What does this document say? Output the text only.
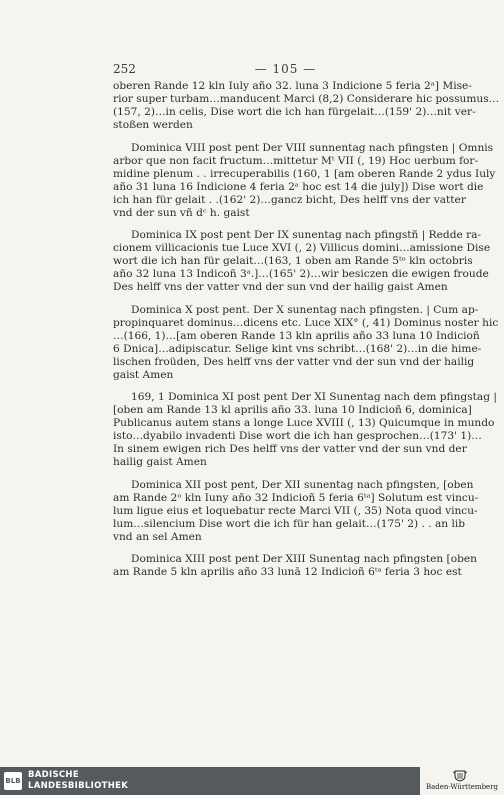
252	— 105 —

oberen Rande 12 kln Iuly año 32. luna 3 Indicione 5 feria 2ᵃ] Mise-
rior super turbam…manducent Marci (8,2) Considerare hic possumus…
(157, 2)…in celis, Dise wort die ich han fürgelait…(159' 2)…nit ver-
stoßen werden

Dominica VIII post pent Der VIII sunnentag nach pfingsten | Omnis
arbor que non facit fructum…mittetur Mᵗ VII (, 19) Hoc uerbum for-
midine plenum . . irrecuperabilis (160, 1 [am oberen Rande 2 ydus Iuly
año 31 luna 16 Indicione 4 feria 2ᵃ hoc est 14 die july]) Dise wort die
ich han für gelait . .(162' 2)…gancz bicht, Des helff vns der vatter
vnd der sun vñ dᶜ h. gaist

Dominica IX post pent Der IX sunentag nach pfingstñ | Redde ra-
cionem villicacionis tue Luce XVI (, 2) Villicus domini…amissione Dise
wort die ich han für gelait…(163, 1 oben am Rande 5ᵗᵒ kln octobris
año 32 luna 13 Indicoñ 3ᵃ.]…(165' 2)…wir besiczen die ewigen froude
Des helff vns der vatter vnd der sun vnd der hailig gaist Amen

Dominica X post pent. Der X sunentag nach pfingsten. | Cum ap-
propinquaret dominus…dicens etc. Luce XIX° (, 41) Dominus noster hic
…(166, 1)…[am oberen Rande 13 kln aprilis año 33 luna 10 Indicioñ
6 Dnica]…adipiscatur. Selige kint vns schribt…(168' 2)…in die hime-
lischen froüden, Des helff vns der vatter vnd der sun vnd der hailig
gaist Amen

169, 1 Dominica XI post pent Der XI Sunentag nach dem pfingstag |
[oben am Rande 13 kl aprilis año 33. luna 10 Indicioñ 6, dominica]
Publicanus autem stans a longe Luce XVIII (, 13) Quicumque in mundo
isto…dyabilo invadenti Dise wort die ich han gesprochen…(173' 1)…
In sinem ewigen rich Des helff vns der vatter vnd der sun vnd der
hailig gaist Amen

Dominica XII post pent, Der XII sunentag nach pfingsten, [oben
am Rande 2ᵒ kln Iuny año 32 Indicioñ 5 feria 6ᵗᵃ] Solutum est vincu-
lum ligue eius et loquebatur recte Marci VII (, 35) Nota quod vincu-
lum…silencium Dise wort die ich für han gelait…(175' 2) . . an lib
vnd an sel Amen

Dominica XIII post pent Der XIII Sunentag nach pfingsten [oben
am Rande 5 kln aprilis año 33 lunā 12 Indicioñ 6ᵗᵃ feria 3 hoc est

BLB
BADISCHE
LANDESBIBLIOTHEK	Baden-Württemberg
